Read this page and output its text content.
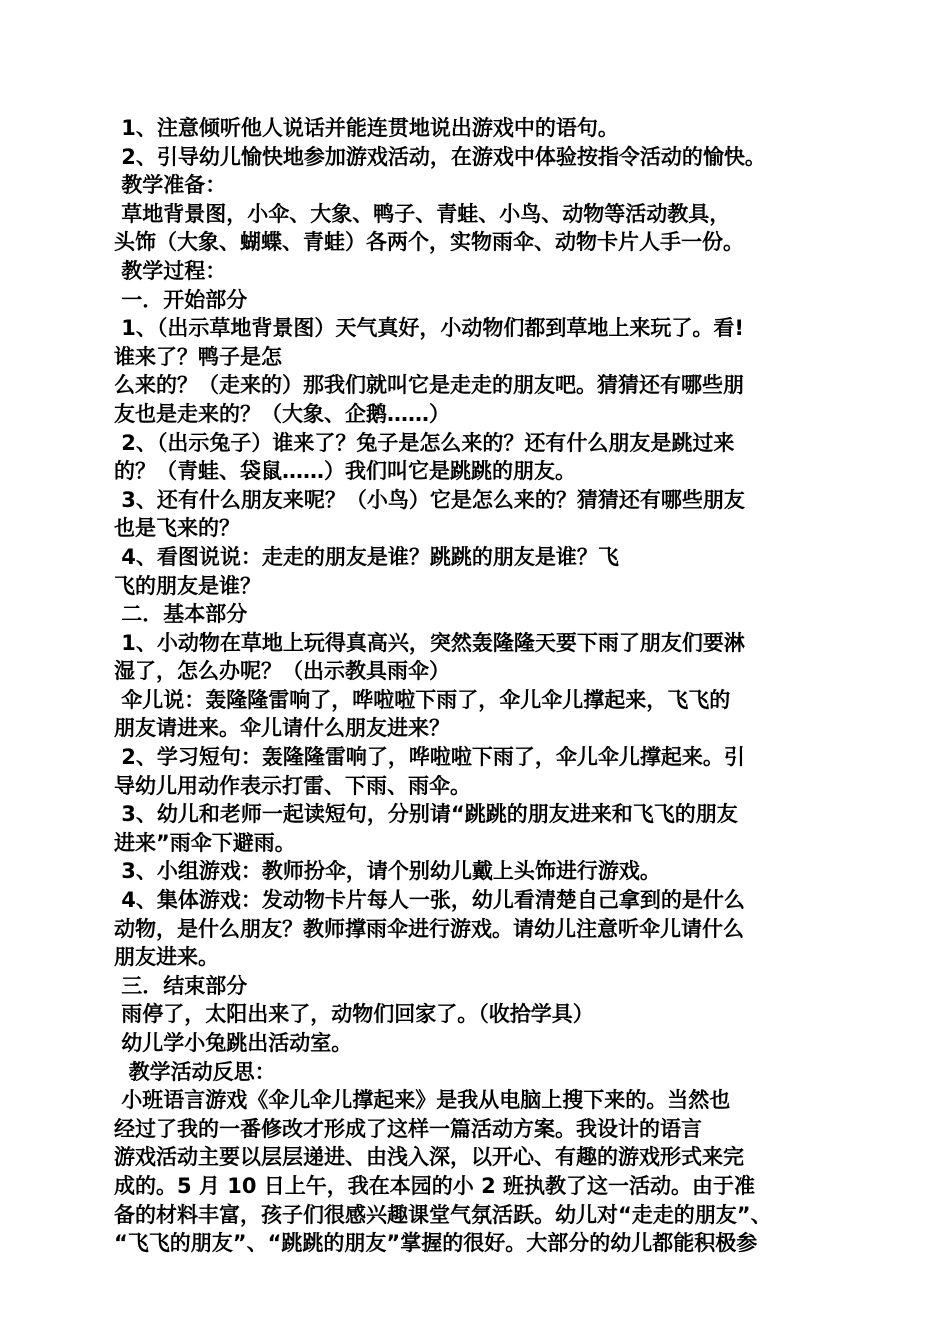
1、注意倾听他人说话并能连贯地说出游戏中的语句。

2、引导幼儿愉快地参加游戏活动，在游戏中体验按指令活动的愉快。

教学准备：

草地背景图，小伞、大象、鸭子、青蛙、小鸟、动物等活动教具，

头饰（大象、蝴蝶、青蛙）各两个，实物雨伞、动物卡片人手一份。

教学过程：

一．开始部分

1、（出示草地背景图）天气真好，小动物们都到草地上来玩了。看!

谁来了？鸭子是怎

么来的？（走来的）那我们就叫它是走走的朋友吧。猜猜还有哪些朋

友也是走来的？（大象、企鹅……）

2、（出示兔子）谁来了？兔子是怎么来的？还有什么朋友是跳过来

的？（青蛙、袋鼠……）我们叫它是跳跳的朋友。

3、还有什么朋友来呢？（小鸟）它是怎么来的？猜猜还有哪些朋友

也是飞来的？

4、看图说说：走走的朋友是谁？跳跳的朋友是谁？飞

飞的朋友是谁？

二．基本部分

1、小动物在草地上玩得真高兴，突然轰隆隆天要下雨了朋友们要淋

湿了，怎么办呢？（出示教具雨伞）

伞儿说：轰隆隆雷响了，哗啦啦下雨了，伞儿伞儿撑起来，飞飞的

朋友请进来。伞儿请什么朋友进来？

2、学习短句：轰隆隆雷响了，哗啦啦下雨了，伞儿伞儿撑起来。引

导幼儿用动作表示打雷、下雨、雨伞。

3、幼儿和老师一起读短句，分别请“跳跳的朋友进来和飞飞的朋友

进来”雨伞下避雨。

3、小组游戏：教师扮伞，请个别幼儿戴上头饰进行游戏。

4、集体游戏：发动物卡片每人一张，幼儿看清楚自己拿到的是什么

动物，是什么朋友？教师撑雨伞进行游戏。请幼儿注意听伞儿请什么

朋友进来。

三．结束部分

雨停了，太阳出来了，动物们回家了。（收拾学具）

幼儿学小兔跳出活动室。

教学活动反思：

小班语言游戏《伞儿伞儿撑起来》是我从电脑上搜下来的。当然也

经过了我的一番修改才形成了这样一篇活动方案。我设计的语言

游戏活动主要以层层递进、由浅入深，以开心、有趣的游戏形式来完

成的。5 月 10 日上午，我在本园的小 2 班执教了这一活动。由于准

备的材料丰富，孩子们很感兴趣课堂气氛活跃。幼儿对“走走的朋友”、

“飞飞的朋友”、“跳跳的朋友”掌握的很好。大部分的幼儿都能积极参
